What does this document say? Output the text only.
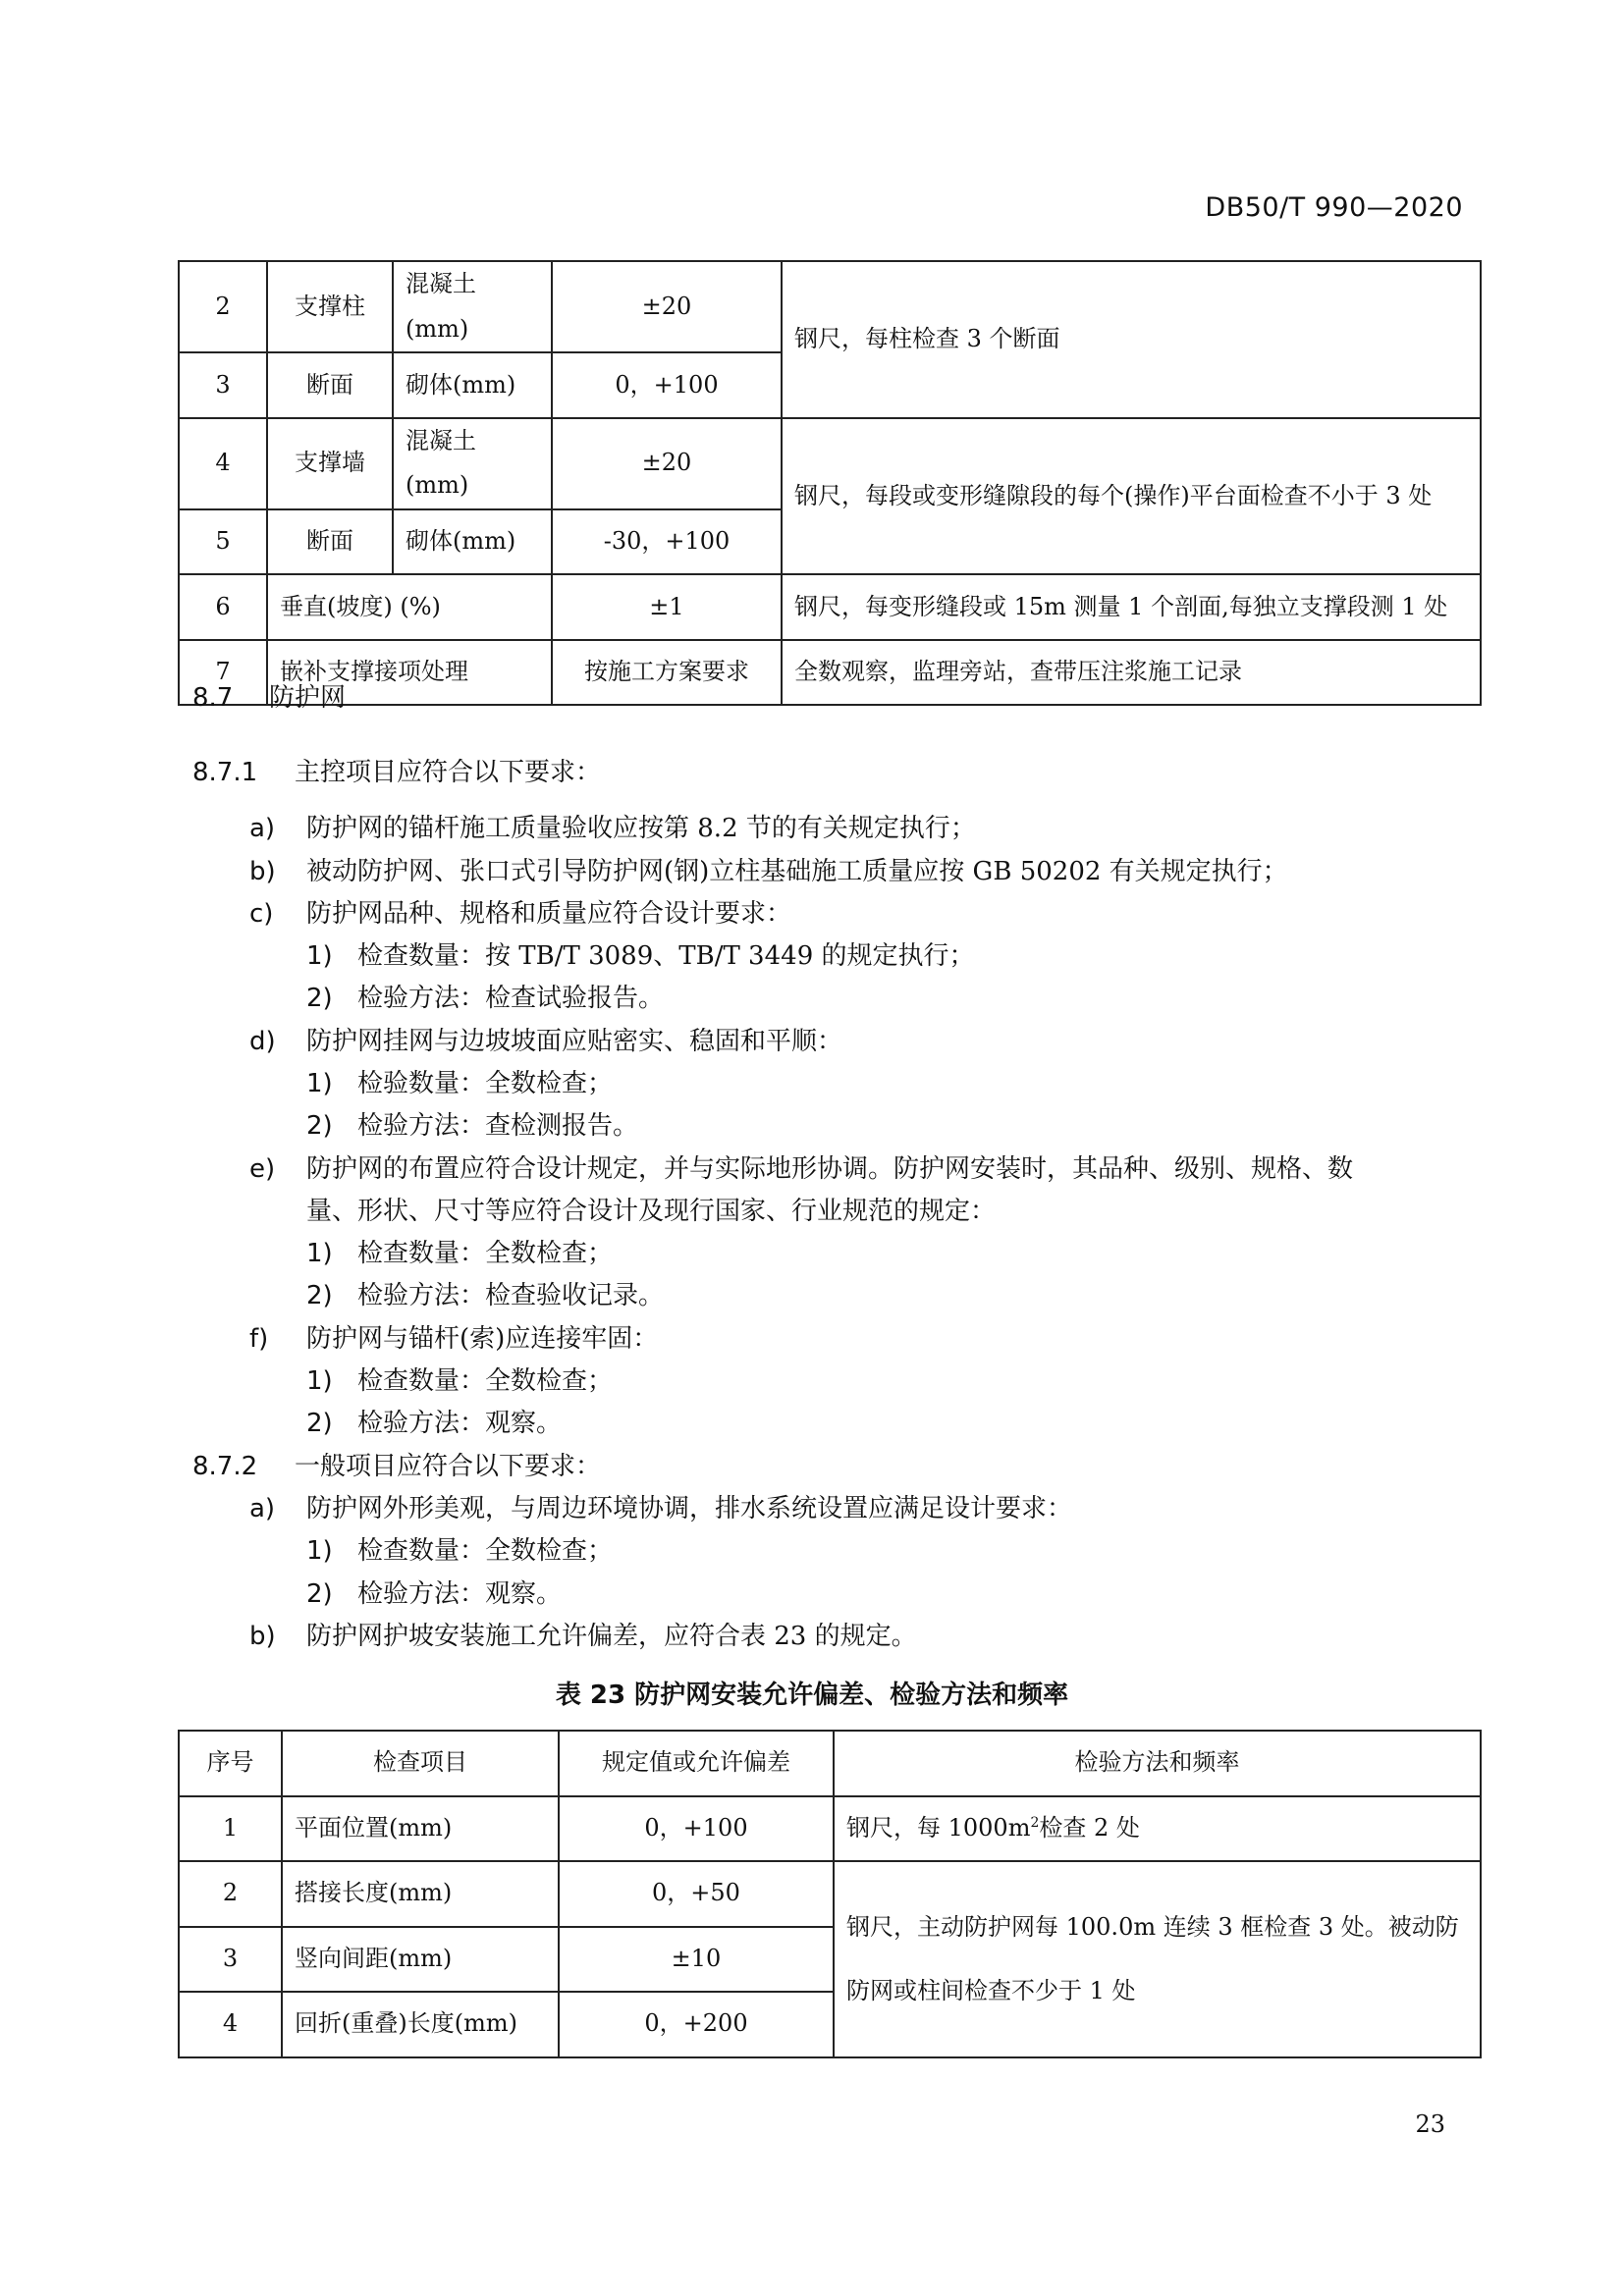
DB50/T 990—2020
2	支撑柱	混凝土(mm)	±20	钢尺，每柱检查 3 个断面
3	断面	砌体(mm)	0，+100	
4	支撑墙	混凝土(mm)	±20	钢尺，每段或变形缝隙段的每个(操作)平台面检查不小于 3 处
5	断面	砌体(mm)	-30，+100	
6	垂直(坡度) (%)		±1	钢尺，每变形缝段或 15m 测量 1 个剖面,每独立支撑段测 1 处
7	嵌补支撑接项处理		按施工方案要求	全数观察，监理旁站，查带压注浆施工记录
8.7 防护网
8.7.1 主控项目应符合以下要求：
a) 防护网的锚杆施工质量验收应按第 8.2 节的有关规定执行；
b) 被动防护网、张口式引导防护网(钢)立柱基础施工质量应按 GB 50202 有关规定执行；
c) 防护网品种、规格和质量应符合设计要求：
1) 检查数量：按 TB/T 3089、TB/T 3449 的规定执行；
2) 检验方法：检查试验报告。
d) 防护网挂网与边坡坡面应贴密实、稳固和平顺：
1) 检验数量：全数检查；
2) 检验方法：查检测报告。
e) 防护网的布置应符合设计规定，并与实际地形协调。防护网安装时，其品种、级别、规格、数
量、形状、尺寸等应符合设计及现行国家、行业规范的规定：
1) 检查数量：全数检查；
2) 检验方法：检查验收记录。
f) 防护网与锚杆(索)应连接牢固：
1) 检查数量：全数检查；
2) 检验方法：观察。
8.7.2 一般项目应符合以下要求：
a) 防护网外形美观，与周边环境协调，排水系统设置应满足设计要求：
1) 检查数量：全数检查；
2) 检验方法：观察。
b) 防护网护坡安装施工允许偏差，应符合表 23 的规定。
表 23 防护网安装允许偏差、检验方法和频率
序号	检查项目	规定值或允许偏差	检验方法和频率
1	平面位置(mm)	0，+100	钢尺，每 $1000m^2$检查 2 处
2	搭接长度(mm)	0，+50	钢尺，主动防护网每 100.0m 连续 3 框检查 3 处。被动防
防网或柱间检查不少于 1 处

3	竖向间距(mm)	±10	
4	回折(重叠)长度(mm)	0，+200	
23
